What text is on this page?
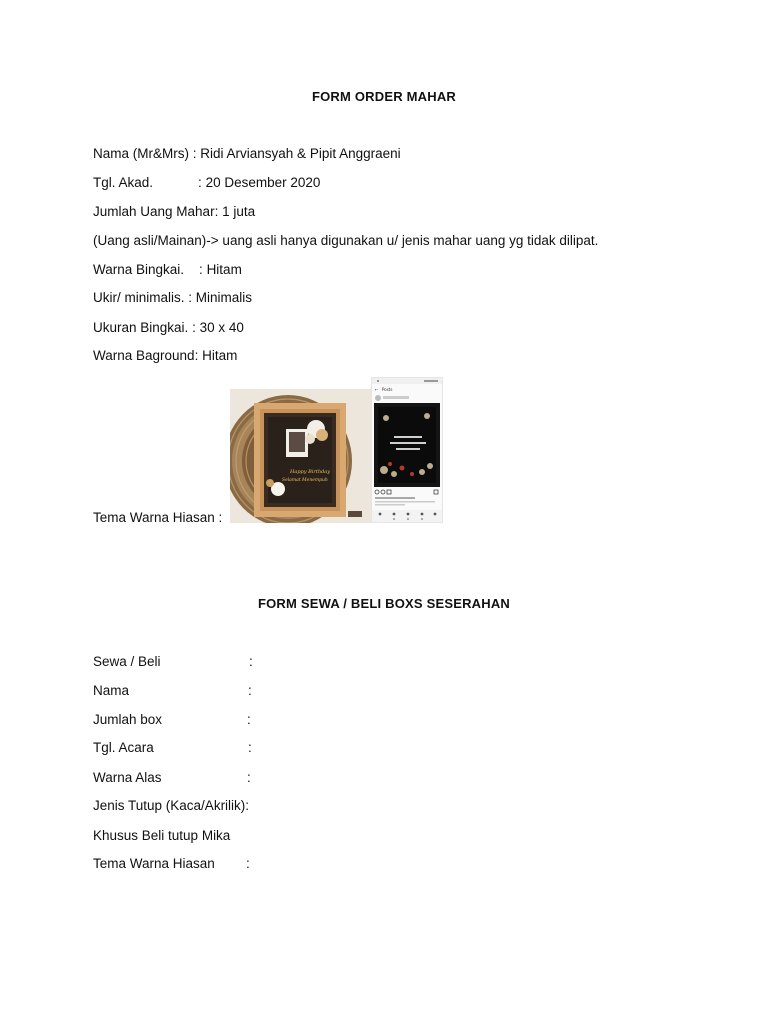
FORM ORDER MAHAR
Nama (Mr&Mrs) : Ridi Arviansyah & Pipit Anggraeni
Tgl. Akad.            : 20 Desember 2020
Jumlah Uang Mahar: 1 juta
(Uang asli/Mainan)-> uang asli hanya digunakan u/ jenis mahar uang yg tidak dilipat.
Warna Bingkai.    : Hitam
Ukir/ minimalis. : Minimalis
Ukuran Bingkai. : 30 x 40
Warna Baground: Hitam
Happy Birthday
Selamat Menempuh
Posts
←
Tema Warna Hiasan :
FORM SEWA / BELI BOXS SESERAHAN
Sewa / Beli	:
Nama	:
Jumlah box	:
Tgl. Acara	:
Warna Alas	:
Jenis Tutup (Kaca/Akrilik):
Khusus Beli tutup Mika
Tema Warna Hiasan :
